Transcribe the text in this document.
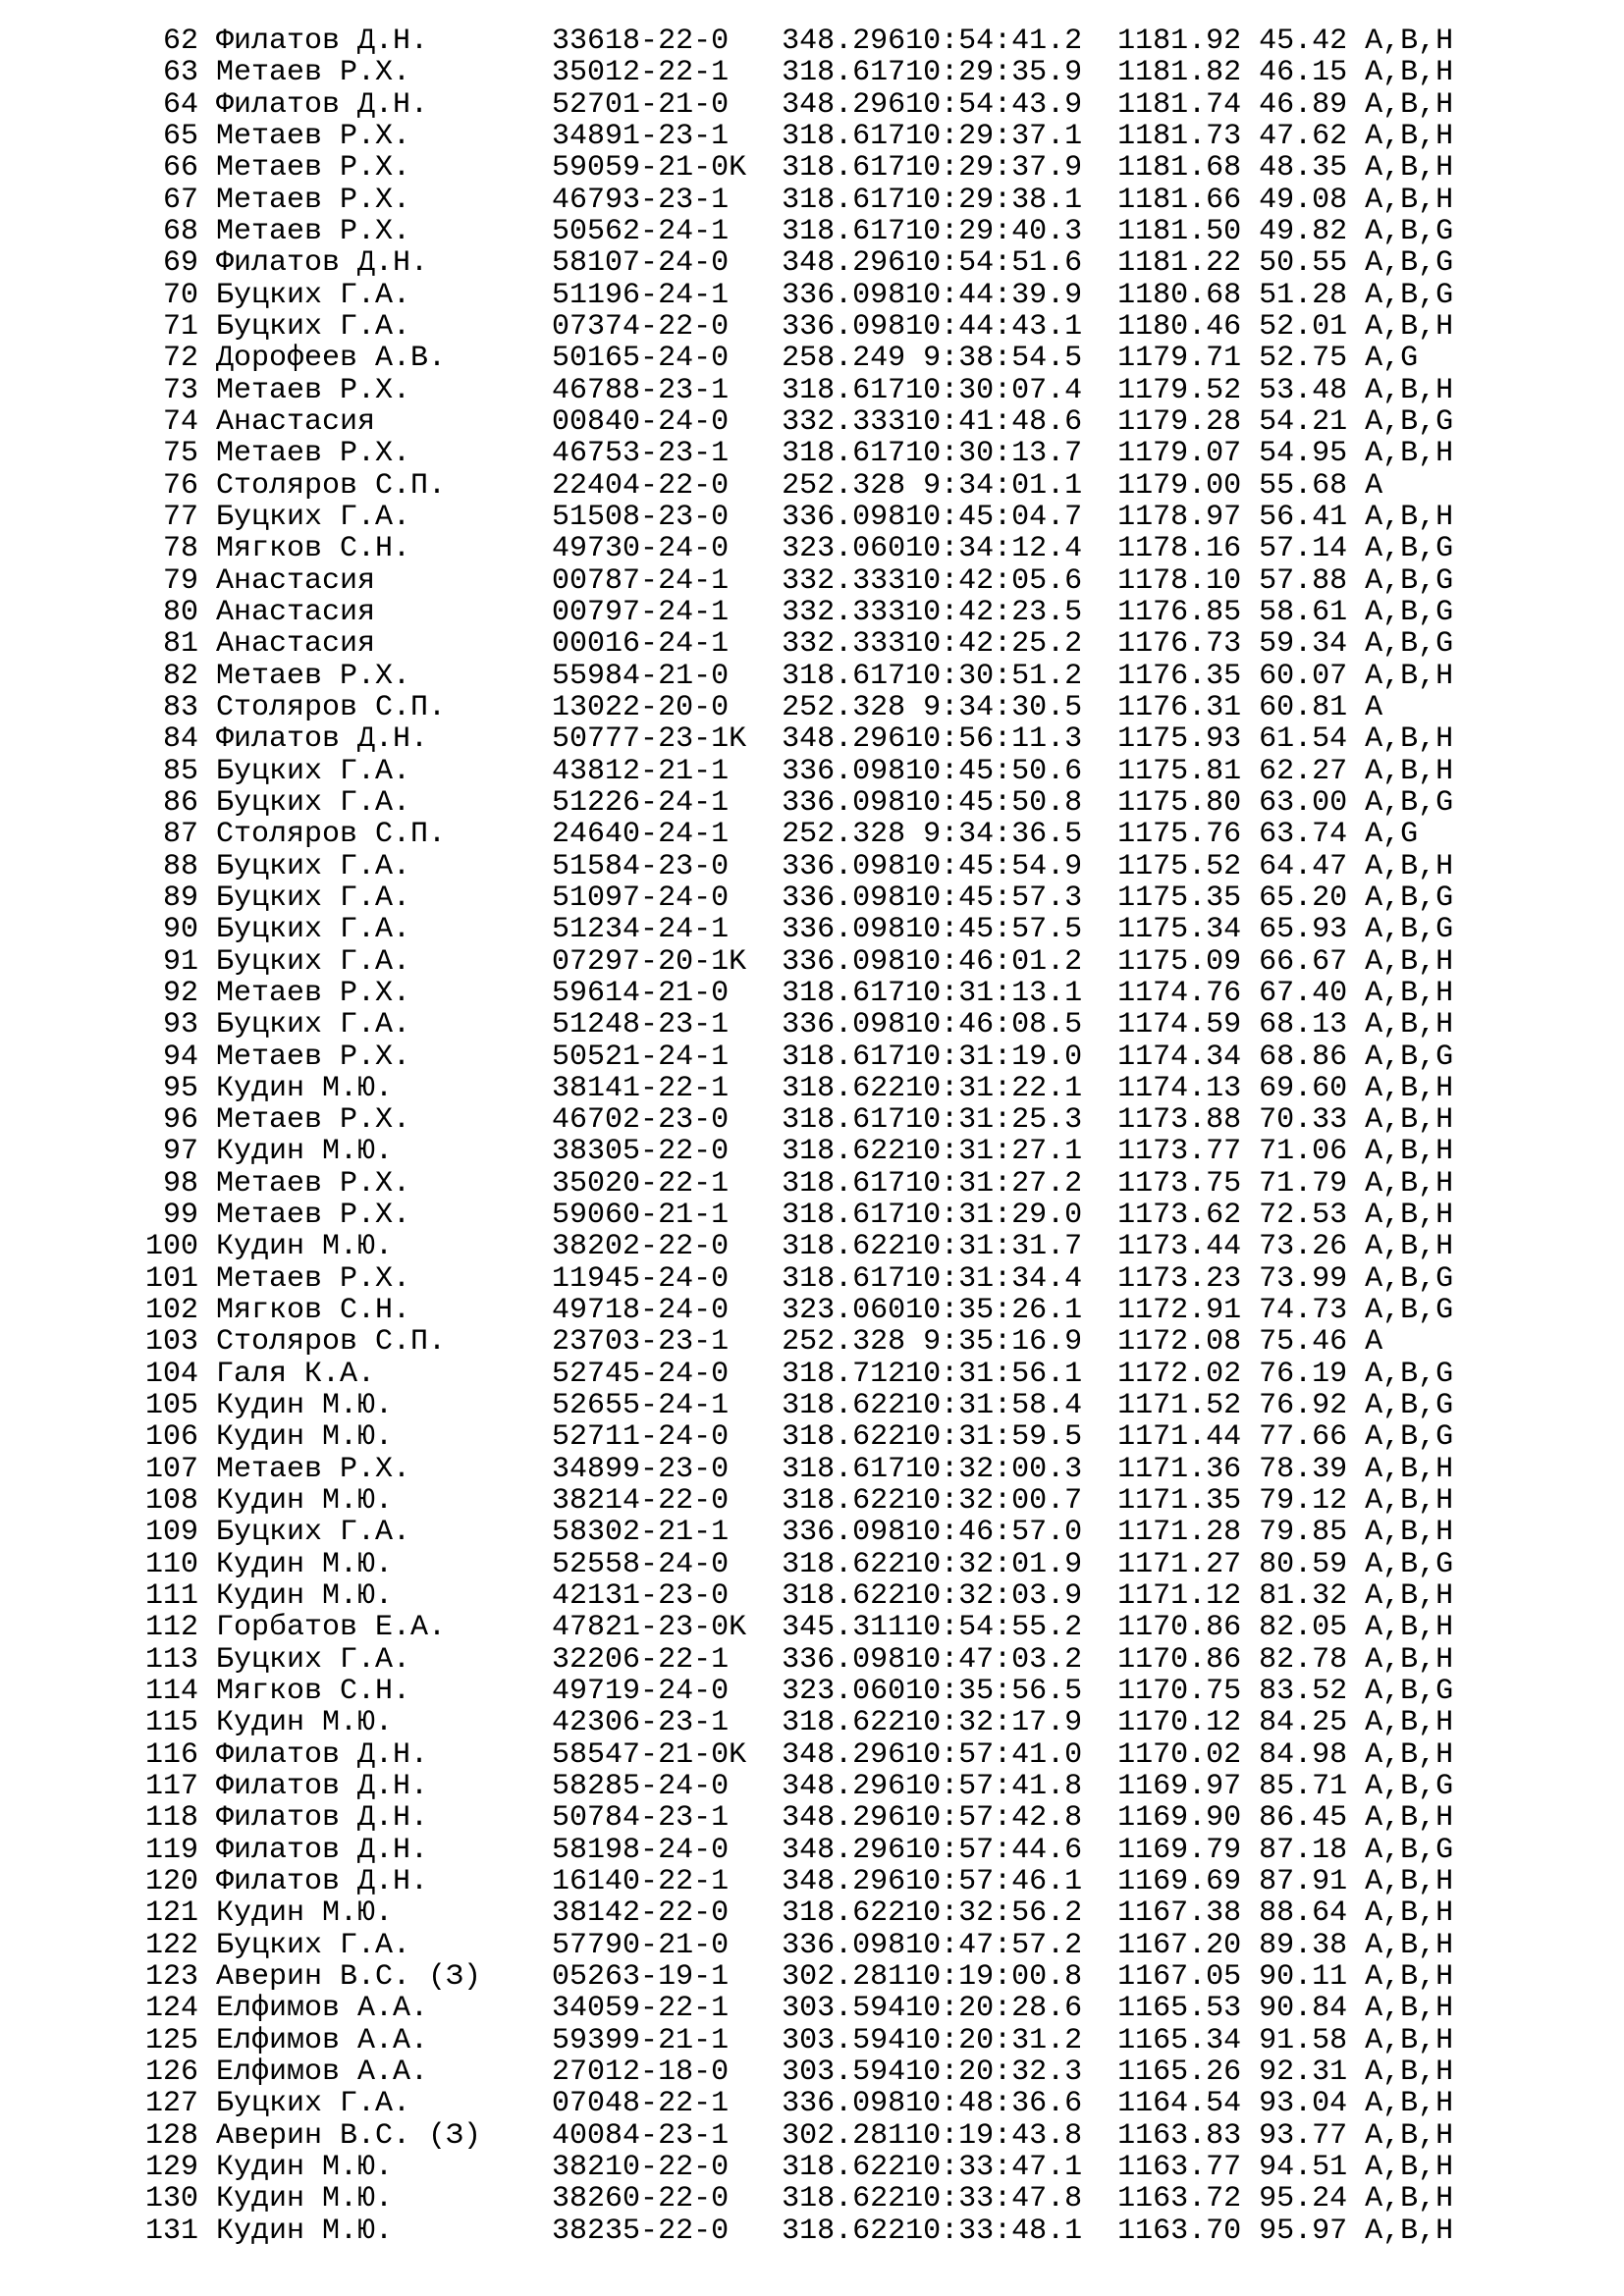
62 Филатов Д.Н.	33618-22-0 348.29610:54:41.2 1181.92 45.42 A,B,H
63 Метаев Р.Х.	35012-22-1 318.61710:29:35.9 1181.82 46.15 A,B,H
64 Филатов Д.Н.	52701-21-0 348.29610:54:43.9 1181.74 46.89 A,B,H
65 Метаев Р.Х.	34891-23-1 318.61710:29:37.1 1181.73 47.62 A,B,H
66 Метаев Р.Х.	59059-21-0K 318.61710:29:37.9 1181.68 48.35 A,B,H
67 Метаев Р.Х.	46793-23-1 318.61710:29:38.1 1181.66 49.08 A,B,H
68 Метаев Р.Х.	50562-24-1 318.61710:29:40.3 1181.50 49.82 A,B,G
69 Филатов Д.Н.	58107-24-0 348.29610:54:51.6 1181.22 50.55 A,B,G
70 Буцких Г.А.	51196-24-1 336.09810:44:39.9 1180.68 51.28 A,B,G
71 Буцких Г.А.	07374-22-0 336.09810:44:43.1 1180.46 52.01 A,B,H
72 Дорофеев А.В.	50165-24-0 258.249 9:38:54.5 1179.71 52.75 A,G
73 Метаев Р.Х.	46788-23-1 318.61710:30:07.4 1179.52 53.48 A,B,H
74 Анастасия	00840-24-0 332.33310:41:48.6 1179.28 54.21 A,B,G
75 Метаев Р.Х.	46753-23-1 318.61710:30:13.7 1179.07 54.95 A,B,H
76 Столяров С.П.	22404-22-0 252.328 9:34:01.1 1179.00 55.68 A
77 Буцких Г.А.	51508-23-0 336.09810:45:04.7 1178.97 56.41 A,B,H
78 Мягков С.Н.	49730-24-0 323.06010:34:12.4 1178.16 57.14 A,B,G
79 Анастасия	00787-24-1 332.33310:42:05.6 1178.10 57.88 A,B,G
80 Анастасия	00797-24-1 332.33310:42:23.5 1176.85 58.61 A,B,G
81 Анастасия	00016-24-1 332.33310:42:25.2 1176.73 59.34 A,B,G
82 Метаев Р.Х.	55984-21-0 318.61710:30:51.2 1176.35 60.07 A,B,H
83 Столяров С.П.	13022-20-0 252.328 9:34:30.5 1176.31 60.81 A
84 Филатов Д.Н.	50777-23-1K 348.29610:56:11.3 1175.93 61.54 A,B,H
85 Буцких Г.А.	43812-21-1 336.09810:45:50.6 1175.81 62.27 A,B,H
86 Буцких Г.А.	51226-24-1 336.09810:45:50.8 1175.80 63.00 A,B,G
87 Столяров С.П.	24640-24-1 252.328 9:34:36.5 1175.76 63.74 A,G
88 Буцких Г.А.	51584-23-0 336.09810:45:54.9 1175.52 64.47 A,B,H
89 Буцких Г.А.	51097-24-0 336.09810:45:57.3 1175.35 65.20 A,B,G
90 Буцких Г.А.	51234-24-1 336.09810:45:57.5 1175.34 65.93 A,B,G
91 Буцких Г.А.	07297-20-1K 336.09810:46:01.2 1175.09 66.67 A,B,H
92 Метаев Р.Х.	59614-21-0 318.61710:31:13.1 1174.76 67.40 A,B,H
93 Буцких Г.А.	51248-23-1 336.09810:46:08.5 1174.59 68.13 A,B,H
94 Метаев Р.Х.	50521-24-1 318.61710:31:19.0 1174.34 68.86 A,B,G
95 Кудин М.Ю.	38141-22-1 318.62210:31:22.1 1174.13 69.60 A,B,H
96 Метаев Р.Х.	46702-23-0 318.61710:31:25.3 1173.88 70.33 A,B,H
97 Кудин М.Ю.	38305-22-0 318.62210:31:27.1 1173.77 71.06 A,B,H
98 Метаев Р.Х.	35020-22-1 318.61710:31:27.2 1173.75 71.79 A,B,H
99 Метаев Р.Х.	59060-21-1 318.61710:31:29.0 1173.62 72.53 A,B,H
100 Кудин М.Ю.	38202-22-0 318.62210:31:31.7 1173.44 73.26 A,B,H
101 Метаев Р.Х.	11945-24-0 318.61710:31:34.4 1173.23 73.99 A,B,G
102 Мягков С.Н.	49718-24-0 323.06010:35:26.1 1172.91 74.73 A,B,G
103 Столяров С.П.	23703-23-1 252.328 9:35:16.9 1172.08 75.46 A
104 Галя К.А.	52745-24-0 318.71210:31:56.1 1172.02 76.19 A,B,G
105 Кудин М.Ю.	52655-24-1 318.62210:31:58.4 1171.52 76.92 A,B,G
106 Кудин М.Ю.	52711-24-0 318.62210:31:59.5 1171.44 77.66 A,B,G
107 Метаев Р.Х.	34899-23-0 318.61710:32:00.3 1171.36 78.39 A,B,H
108 Кудин М.Ю.	38214-22-0 318.62210:32:00.7 1171.35 79.12 A,B,H
109 Буцких Г.А.	58302-21-1 336.09810:46:57.0 1171.28 79.85 A,B,H
110 Кудин М.Ю.	52558-24-0 318.62210:32:01.9 1171.27 80.59 A,B,G
111 Кудин М.Ю.	42131-23-0 318.62210:32:03.9 1171.12 81.32 A,B,H
112 Горбатов Е.А.	47821-23-0K 345.31110:54:55.2 1170.86 82.05 A,B,H
113 Буцких Г.А.	32206-22-1 336.09810:47:03.2 1170.86 82.78 A,B,H
114 Мягков С.Н.	49719-24-0 323.06010:35:56.5 1170.75 83.52 A,B,G
115 Кудин М.Ю.	42306-23-1 318.62210:32:17.9 1170.12 84.25 A,B,H
116 Филатов Д.Н.	58547-21-0K 348.29610:57:41.0 1170.02 84.98 A,B,H
117 Филатов Д.Н.	58285-24-0 348.29610:57:41.8 1169.97 85.71 A,B,G
118 Филатов Д.Н.	50784-23-1 348.29610:57:42.8 1169.90 86.45 A,B,H
119 Филатов Д.Н.	58198-24-0 348.29610:57:44.6 1169.79 87.18 A,B,G
120 Филатов Д.Н.	16140-22-1 348.29610:57:46.1 1169.69 87.91 A,B,H
121 Кудин М.Ю.	38142-22-0 318.62210:32:56.2 1167.38 88.64 A,B,H
122 Буцких Г.А.	57790-21-0 336.09810:47:57.2 1167.20 89.38 A,B,H
123 Аверин В.С. (З) 05263-19-1 302.28110:19:00.8 1167.05 90.11 A,B,H
124 Елфимов А.А.	34059-22-1 303.59410:20:28.6 1165.53 90.84 A,B,H
125 Елфимов А.А.	59399-21-1 303.59410:20:31.2 1165.34 91.58 A,B,H
126 Елфимов А.А.	27012-18-0 303.59410:20:32.3 1165.26 92.31 A,B,H
127 Буцких Г.А.	07048-22-1 336.09810:48:36.6 1164.54 93.04 A,B,H
128 Аверин В.С. (З) 40084-23-1 302.28110:19:43.8 1163.83 93.77 A,B,H
129 Кудин М.Ю.	38210-22-0 318.62210:33:47.1 1163.77 94.51 A,B,H
130 Кудин М.Ю.	38260-22-0 318.62210:33:47.8 1163.72 95.24 A,B,H
131 Кудин М.Ю.	38235-22-0 318.62210:33:48.1 1163.70 95.97 A,B,H
